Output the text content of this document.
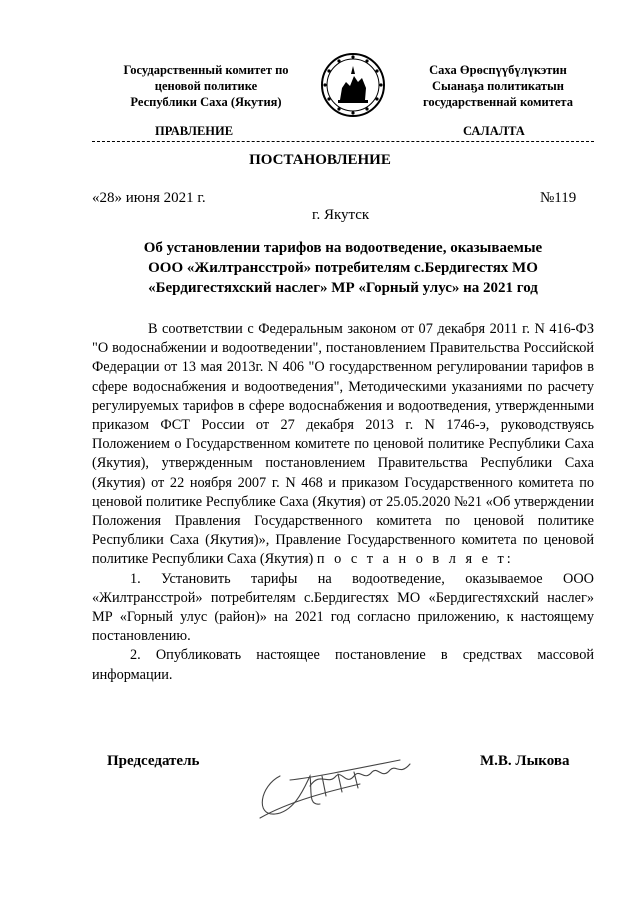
Государственный комитет по
ценовой политике
Республики Саха (Якутия)
Саха Өрөспүүбүлүкэтин
Сыанаҕа политикатын
государственнай комитета
ПРАВЛЕНИЕ	САЛАЛТА
ПОСТАНОВЛЕНИЕ
«28» июня 2021 г.	№119
г. Якутск
Об установлении тарифов на водоотведение, оказываемые
ООО «Жилтрансстрой» потребителям с.Бердигестях МО
«Бердигестяхский наслег» МР «Горный улус» на 2021 год

В соответствии с Федеральным законом от 07 декабря 2011 г. N 416-ФЗ "О водоснабжении и водоотведении", постановлением Правительства Российской Федерации от 13 мая 2013г. N 406 "О государственном регулировании тарифов в сфере водоснабжения и водоотведения", Методическими указаниями по расчету регулируемых тарифов в сфере водоснабжения и водоотведения, утвержденными приказом ФСТ России от 27 декабря 2013 г. N 1746-э, руководствуясь Положением о Государственном комитете по ценовой политике Республики Саха (Якутия), утвержденным постановлением Правительства Республики Саха (Якутия) от 22 ноября 2007 г. N 468 и приказом Государственного комитета по ценовой политике Республике Саха (Якутия) от 25.05.2020 №21 «Об утверждении Положения Правления Государственного комитета по ценовой политике Республики Саха (Якутия)», Правление Государственного комитета по ценовой политике Республики Саха (Якутия) п о с т а н о в л я е т:

1. Установить тарифы на водоотведение, оказываемое ООО «Жилтрансстрой» потребителям с.Бердигестях МО «Бердигестяхский наслег» МР «Горный улус (район)» на 2021 год согласно приложению, к настоящему постановлению.

2. Опубликовать настоящее постановление в средствах массовой информации.

Председатель	М.В. Лыкова
